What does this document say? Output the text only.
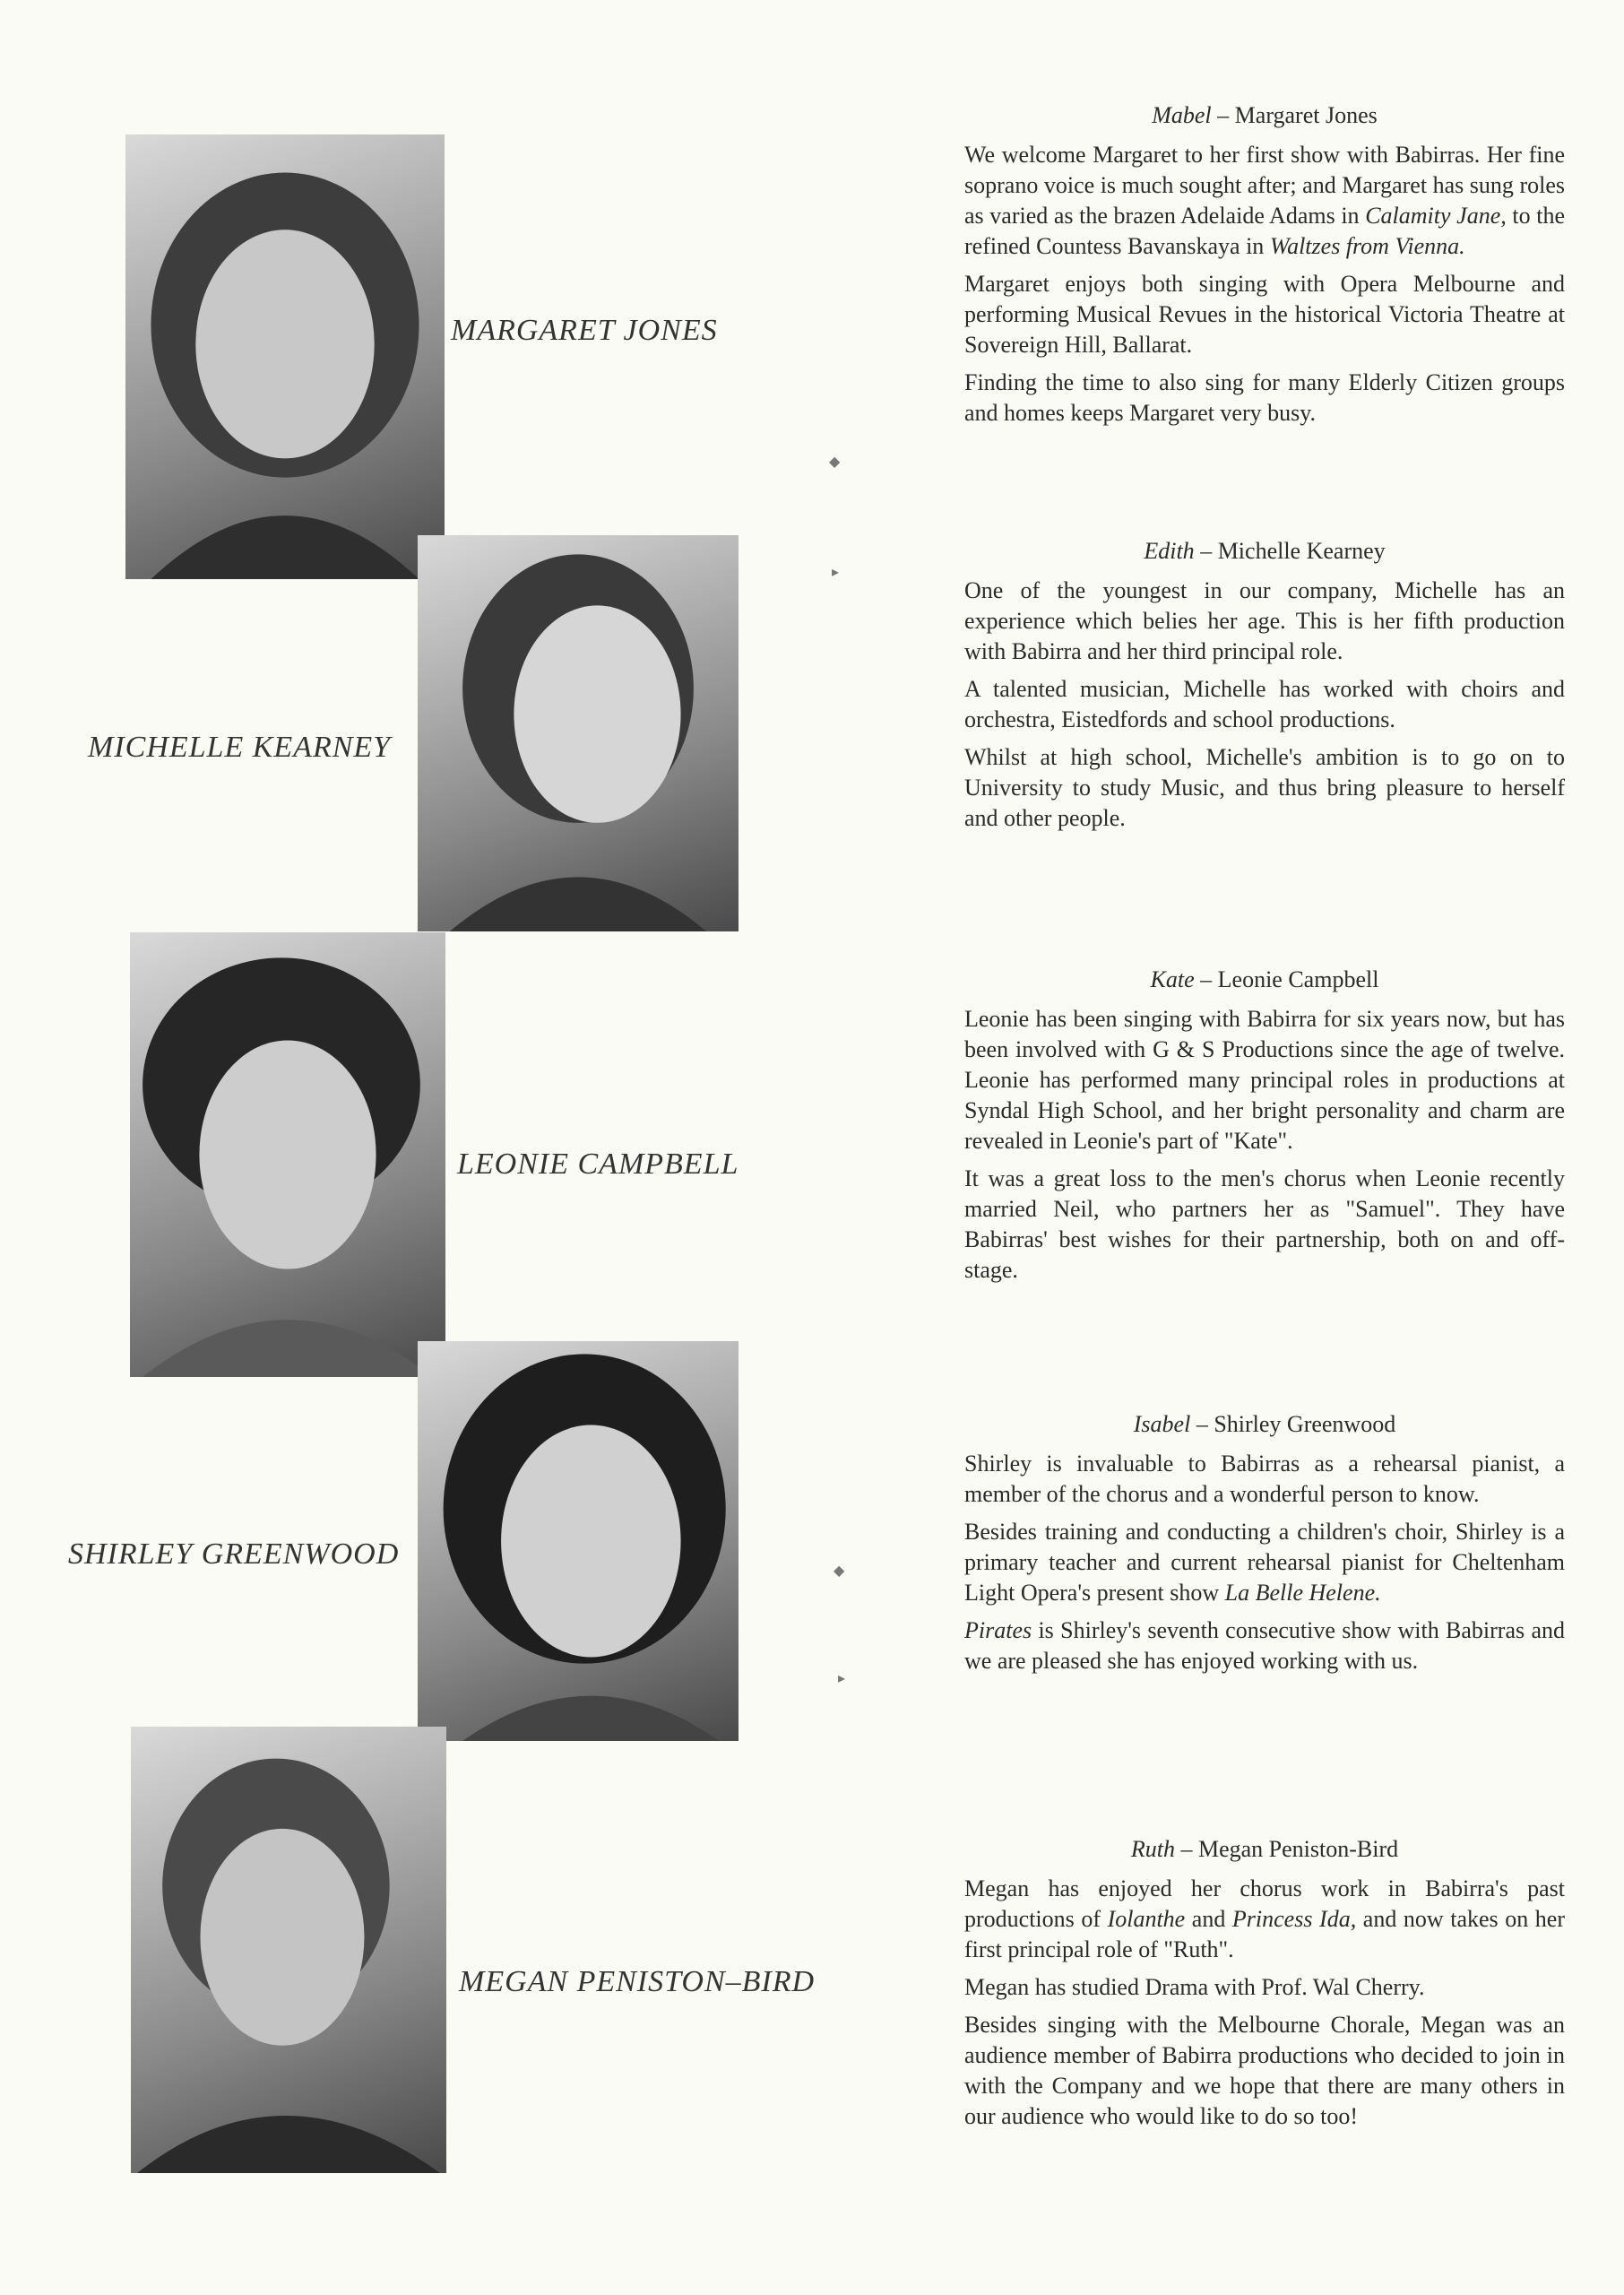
MARGARET JONES
MICHELLE KEARNEY
LEONIE CAMPBELL
SHIRLEY GREENWOOD
MEGAN PENISTON–BIRD
Mabel – Margaret Jones

We welcome Margaret to her first show with Babirras. Her fine soprano voice is much sought after; and Margaret has sung roles as varied as the brazen Adelaide Adams in Calamity Jane, to the refined Countess Bavanskaya in Waltzes from Vienna.

Margaret enjoys both singing with Opera Melbourne and performing Musical Revues in the historical Victoria Theatre at Sovereign Hill, Ballarat.

Finding the time to also sing for many Elderly Citizen groups and homes keeps Margaret very busy.

Edith – Michelle Kearney

One of the youngest in our company, Michelle has an experience which belies her age. This is her fifth production with Babirra and her third principal role.

A talented musician, Michelle has worked with choirs and orchestra, Eistedfords and school productions.

Whilst at high school, Michelle's ambition is to go on to University to study Music, and thus bring pleasure to herself and other people.

Kate – Leonie Campbell

Leonie has been singing with Babirra for six years now, but has been involved with G & S Productions since the age of twelve. Leonie has performed many principal roles in productions at Syndal High School, and her bright personality and charm are revealed in Leonie's part of "Kate".

It was a great loss to the men's chorus when Leonie recently married Neil, who partners her as "Samuel". They have Babirras' best wishes for their partnership, both on and off-stage.

Isabel – Shirley Greenwood

Shirley is invaluable to Babirras as a rehearsal pianist, a member of the chorus and a wonderful person to know.

Besides training and conducting a children's choir, Shirley is a primary teacher and current rehearsal pianist for Cheltenham Light Opera's present show La Belle Helene.

Pirates is Shirley's seventh consecutive show with Babirras and we are pleased she has enjoyed working with us.

Ruth – Megan Peniston-Bird

Megan has enjoyed her chorus work in Babirra's past productions of Iolanthe and Princess Ida, and now takes on her first principal role of "Ruth".

Megan has studied Drama with Prof. Wal Cherry.

Besides singing with the Melbourne Chorale, Megan was an audience member of Babirra productions who decided to join in with the Company and we hope that there are many others in our audience who would like to do so too!

◆
▸
◆
▸
